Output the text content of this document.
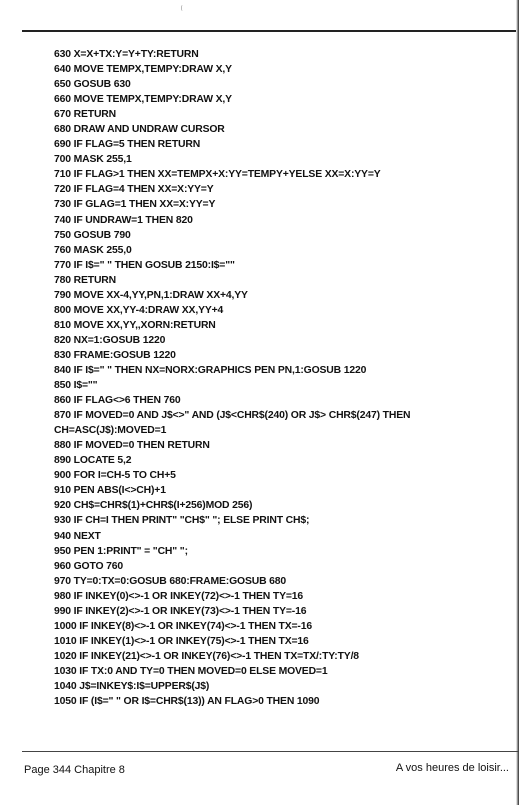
630 X=X+TX:Y=Y+TY:RETURN
640 MOVE TEMPX,TEMPY:DRAW X,Y
650 GOSUB 630
660 MOVE TEMPX,TEMPY:DRAW X,Y
670 RETURN
680 DRAW AND UNDRAW CURSOR
690 IF FLAG=5 THEN RETURN
700 MASK 255,1
710 IF FLAG>1 THEN XX=TEMPX+X:YY=TEMPY+YELSE XX=X:YY=Y
720 IF FLAG=4 THEN XX=X:YY=Y
730 IF GLAG=1 THEN XX=X:YY=Y
740 IF UNDRAW=1 THEN 820
750 GOSUB 790
760 MASK 255,0
770 IF I$=" " THEN GOSUB 2150:I$=""
780 RETURN
790 MOVE XX-4,YY,PN,1:DRAW XX+4,YY
800 MOVE XX,YY-4:DRAW XX,YY+4
810 MOVE XX,YY,,XORN:RETURN
820 NX=1:GOSUB 1220
830 FRAME:GOSUB 1220
840 IF I$=" " THEN NX=NORX:GRAPHICS PEN PN,1:GOSUB 1220
850 I$=""
860 IF FLAG<>6 THEN 760
870 IF MOVED=0 AND J$<>" AND (J$<CHR$(240) OR J$> CHR$(247) THEN
CH=ASC(J$):MOVED=1
880 IF MOVED=0 THEN RETURN
890 LOCATE 5,2
900 FOR I=CH-5 TO CH+5
910 PEN ABS(I<>CH)+1
920 CH$=CHR$(1)+CHR$(I+256)MOD 256)
930 IF CH=I THEN PRINT" "CH$" "; ELSE PRINT CH$;
940 NEXT
950 PEN 1:PRINT" = "CH" ";
960 GOTO 760
970 TY=0:TX=0:GOSUB 680:FRAME:GOSUB 680
980 IF INKEY(0)<>-1 OR INKEY(72)<>-1 THEN TY=16
990 IF INKEY(2)<>-1 OR INKEY(73)<>-1 THEN TY=-16
1000 IF INKEY(8)<>-1 OR INKEY(74)<>-1 THEN TX=-16
1010 IF INKEY(1)<>-1 OR INKEY(75)<>-1 THEN TX=16
1020 IF INKEY(21)<>-1 OR INKEY(76)<>-1 THEN TX=TX/:TY:TY/8
1030 IF TX:0 AND TY=0 THEN MOVED=0 ELSE MOVED=1
1040 J$=INKEY$:I$=UPPER$(J$)
1050 IF (I$=" " OR I$=CHR$(13)) AN FLAG>0 THEN 1090
Page 344 Chapitre 8	A vos heures de loisir...
